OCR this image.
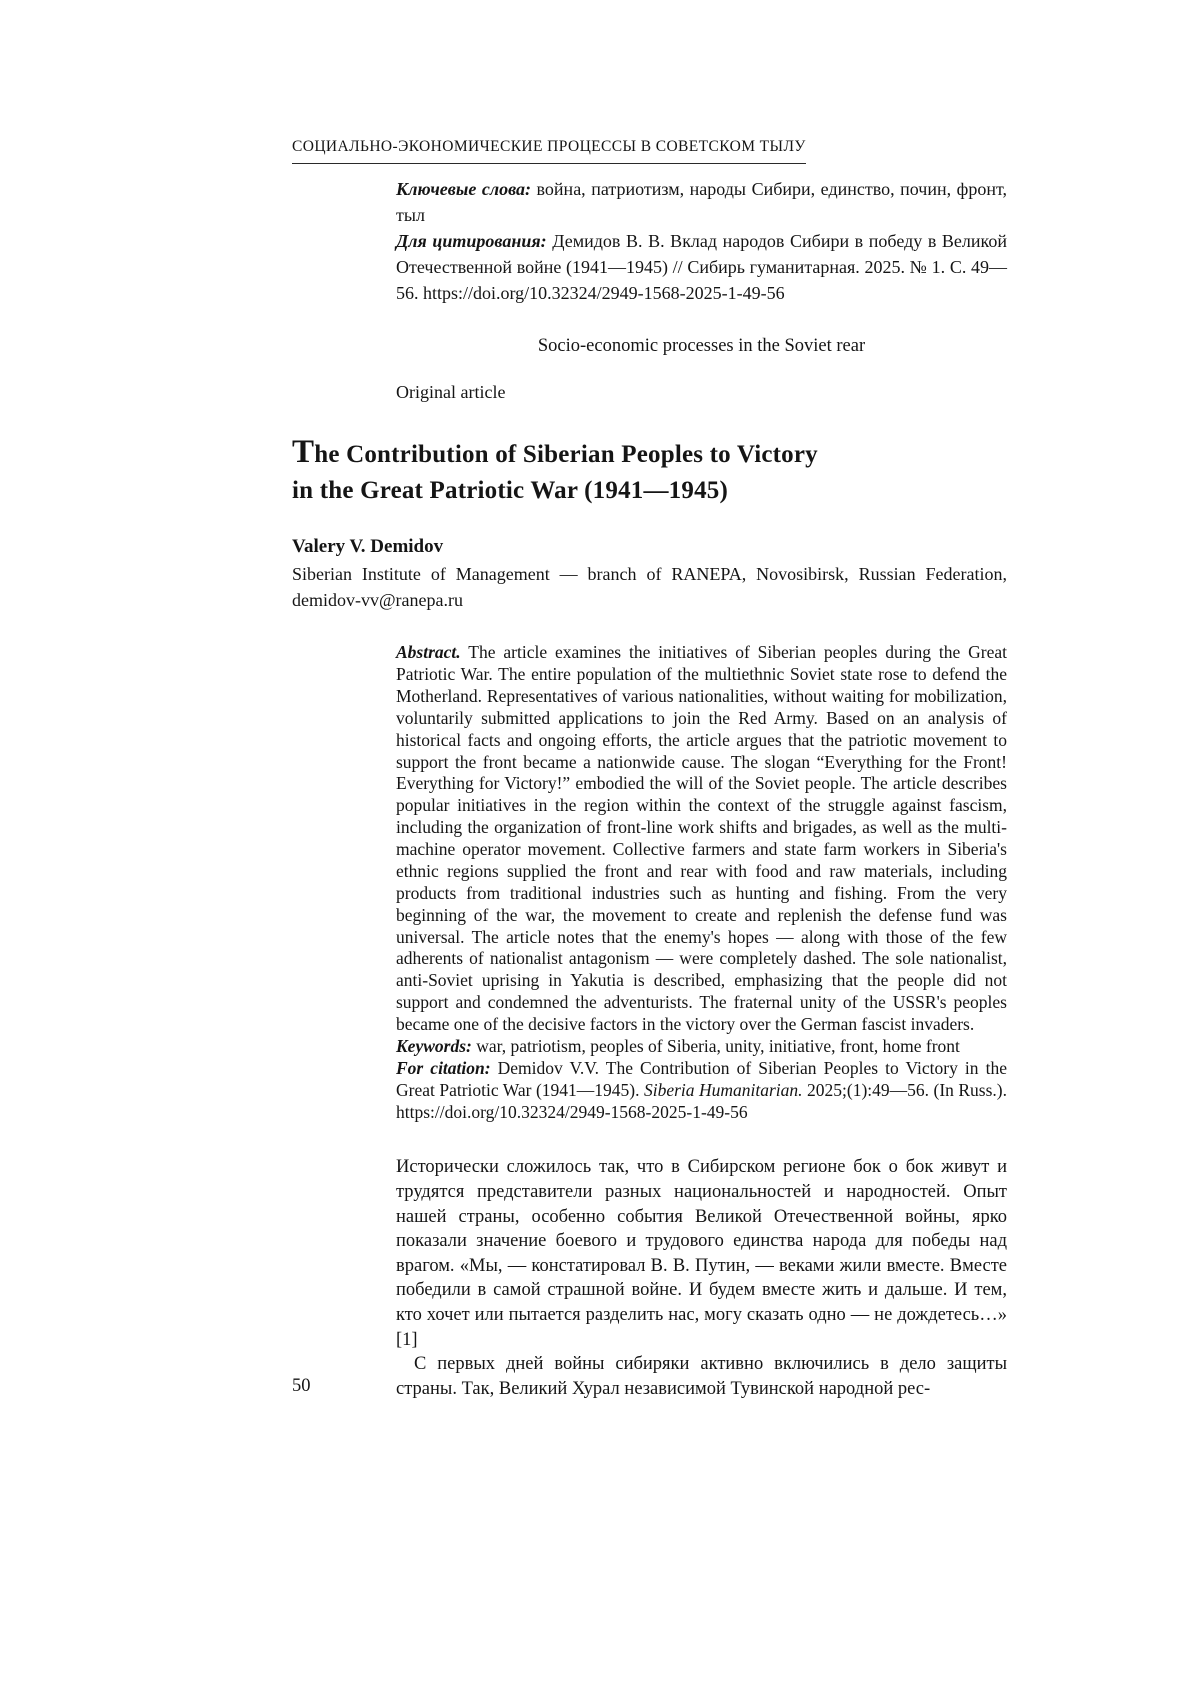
СОЦИАЛЬНО-ЭКОНОМИЧЕСКИЕ ПРОЦЕССЫ В СОВЕТСКОМ ТЫЛУ
Ключевые слова: война, патриотизм, народы Сибири, единство, почин, фронт, тыл
Для цитирования: Демидов В. В. Вклад народов Сибири в победу в Великой Отечественной войне (1941—1945) // Сибирь гуманитарная. 2025. № 1. С. 49—56. https://doi.org/10.32324/2949-1568-2025-1-49-56
Socio-economic processes in the Soviet rear
Original article
The Contribution of Siberian Peoples to Victory
in the Great Patriotic War (1941—1945)
Valery V. Demidov
Siberian Institute of Management — branch of RANEPA, Novosibirsk, Russian Federation, demidov-vv@ranepa.ru

Abstract. The article examines the initiatives of Siberian peoples during the Great Patriotic War. The entire population of the multiethnic Soviet state rose to defend the Motherland. Representatives of various nationalities, without waiting for mobilization, voluntarily submitted applications to join the Red Army. Based on an analysis of historical facts and ongoing efforts, the article argues that the patriotic movement to support the front became a nationwide cause. The slogan “Everything for the Front! Everything for Victory!” embodied the will of the Soviet people. The article describes popular initiatives in the region within the context of the struggle against fascism, including the organization of front-line work shifts and brigades, as well as the multi-machine operator movement. Collective farmers and state farm workers in Siberia's ethnic regions supplied the front and rear with food and raw materials, including products from traditional industries such as hunting and fishing. From the very beginning of the war, the movement to create and replenish the defense fund was universal. The article notes that the enemy's hopes — along with those of the few adherents of nationalist antagonism — were completely dashed. The sole nationalist, anti-Soviet uprising in Yakutia is described, emphasizing that the people did not support and condemned the adventurists. The fraternal unity of the USSR's peoples became one of the decisive factors in the victory over the German fascist invaders.

Keywords: war, patriotism, peoples of Siberia, unity, initiative, front, home front

For citation: Demidov V.V. The Contribution of Siberian Peoples to Victory in the Great Patriotic War (1941—1945). Siberia Humanitarian. 2025;(1):49—56. (In Russ.). https://doi.org/10.32324/2949-1568-2025-1-49-56

Исторически сложилось так, что в Сибирском регионе бок о бок живут и трудятся представители разных национальностей и народностей. Опыт нашей страны, особенно события Великой Отечественной войны, ярко показали значение боевого и трудового единства народа для победы над врагом. «Мы, — констатировал В. В. Путин, — веками жили вместе. Вместе победили в самой страшной войне. И будем вместе жить и дальше. И тем, кто хочет или пытается разделить нас, могу сказать одно — не дождетесь…» [1]

С первых дней войны сибиряки активно включились в дело защиты страны. Так, Великий Хурал независимой Тувинской народной рес-

50
